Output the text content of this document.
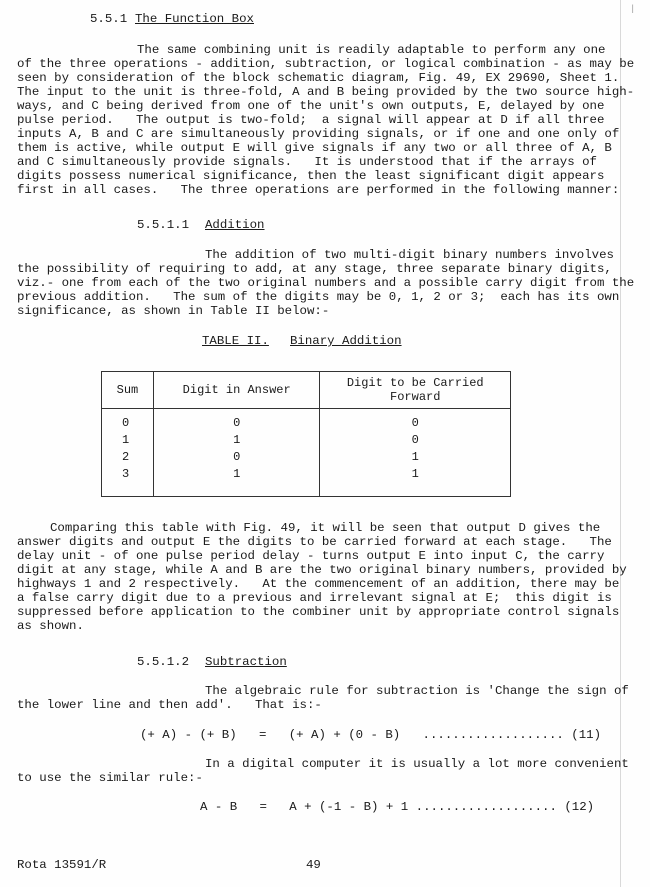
|
5.5.1 The Function Box
The same combining unit is readily adaptable to perform any one
of the three operations - addition, subtraction, or logical combination - as may be
seen by consideration of the block schematic diagram, Fig. 49, EX 29690, Sheet 1.
The input to the unit is three-fold, A and B being provided by the two source high-
ways, and C being derived from one of the unit's own outputs, E, delayed by one
pulse period.   The output is two-fold;  a signal will appear at D if all three
inputs A, B and C are simultaneously providing signals, or if one and one only of
them is active, while output E will give signals if any two or all three of A, B
and C simultaneously provide signals.   It is understood that if the arrays of
digits possess numerical significance, then the least significant digit appears
first in all cases.   The three operations are performed in the following manner:
5.5.1.1 Addition
The addition of two multi-digit binary numbers involves
the possibility of requiring to add, at any stage, three separate binary digits,
viz.- one from each of the two original numbers and a possible carry digit from the
previous addition.   The sum of the digits may be 0, 1, 2 or 3;  each has its own
significance, as shown in Table II below:-
TABLE II. Binary Addition
Sum	Digit in Answer	Digit to be Carried
Forward
0	0	0
1	1	0
2	0	1
3	1	1
Comparing this table with Fig. 49, it will be seen that output D gives the
answer digits and output E the digits to be carried forward at each stage.   The
delay unit - of one pulse period delay - turns output E into input C, the carry
digit at any stage, while A and B are the two original binary numbers, provided by
highways 1 and 2 respectively.   At the commencement of an addition, there may be
a false carry digit due to a previous and irrelevant signal at E;  this digit is
suppressed before application to the combiner unit by appropriate control signals
as shown.
5.5.1.2 Subtraction
The algebraic rule for subtraction is 'Change the sign of
the lower line and then add'.   That is:-
(+ A) - (+ B)   =   (+ A) + (0 - B)   ................... (11)
In a digital computer it is usually a lot more convenient
to use the similar rule:-
A - B   =   A + (-1 - B) + 1 ................... (12)
Rota 13591/R	49
